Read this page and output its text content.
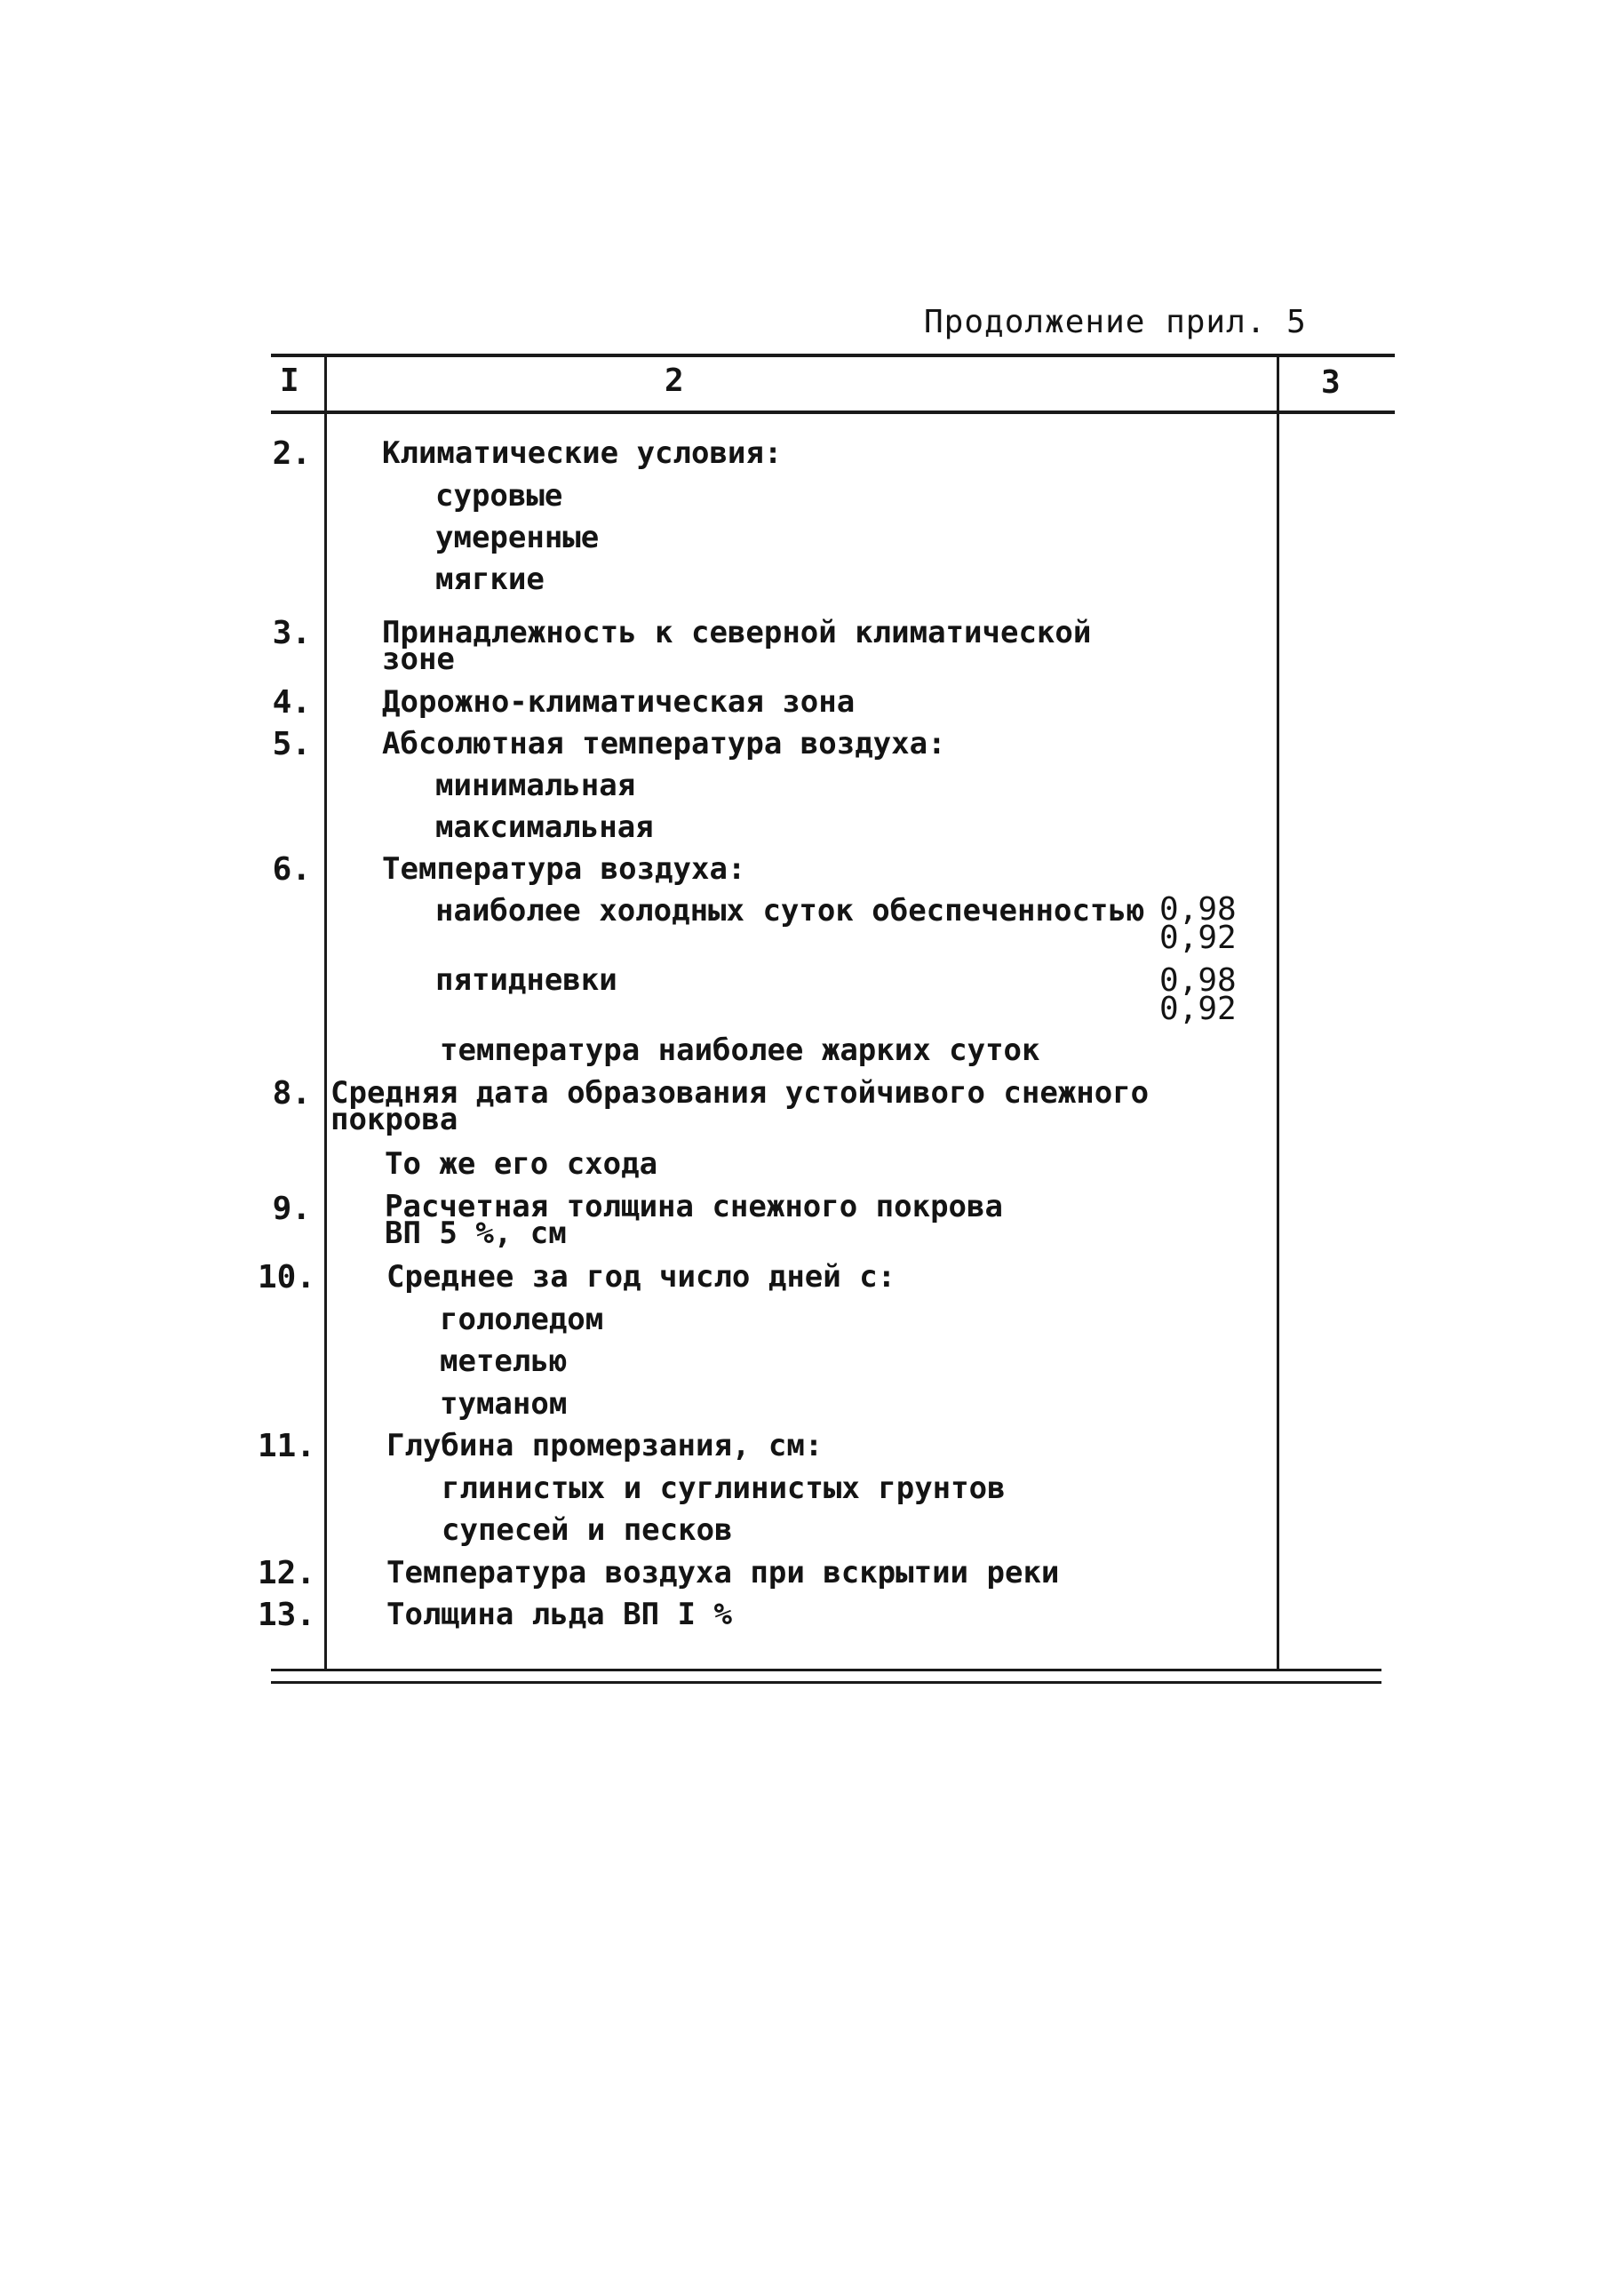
Продолжение прил. 5
I	2	3
2. Климатические условия:
суровые
умеренные
мягкие
3. Принадлежность к северной климатической
зоне
4. Дорожно-климатическая зона
5. Абсолютная температура воздуха:
минимальная
максимальная
6. Температура воздуха:
наиболее холодных суток обеспеченностью 0,98
0,92
пятидневки	0,98
0,92
температура наиболее жарких суток
8. Средняя дата образования устойчивого снежного
покрова
То же его схода
9. Расчетная толщина снежного покрова
ВП 5 %, см
10. Среднее за год число дней с:
гололедом
метелью
туманом
11. Глубина промерзания, см:
глинистых и суглинистых грунтов
супесей и песков
12. Температура воздуха при вскрытии реки
13. Толщина льда ВП I %
